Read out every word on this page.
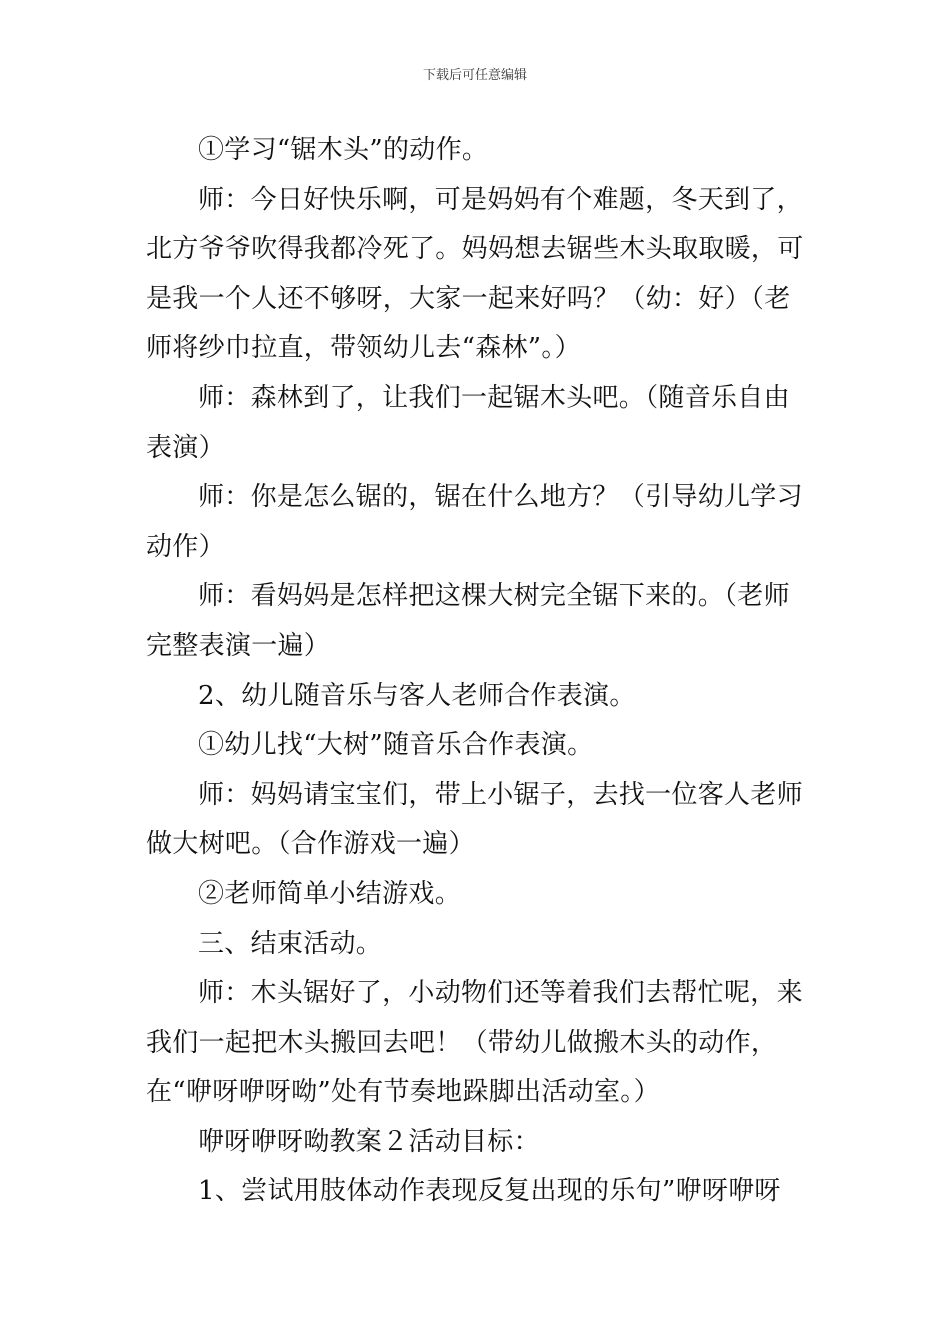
下载后可任意编辑

①学习“锯木头”的动作。

师：今日好快乐啊，可是妈妈有个难题，冬天到了，北方爷爷吹得我都冷死了。妈妈想去锯些木头取取暖，可是我一个人还不够呀，大家一起来好吗？（幼：好）（老师将纱巾拉直，带领幼儿去“森林”。）

师：森林到了，让我们一起锯木头吧。（随音乐自由表演）

师：你是怎么锯的，锯在什么地方？（引导幼儿学习动作）

师：看妈妈是怎样把这棵大树完全锯下来的。（老师完整表演一遍）

2、幼儿随音乐与客人老师合作表演。

①幼儿找“大树”随音乐合作表演。

师：妈妈请宝宝们，带上小锯子，去找一位客人老师做大树吧。（合作游戏一遍）

②老师简单小结游戏。

三、结束活动。

师：木头锯好了，小动物们还等着我们去帮忙呢，来我们一起把木头搬回去吧！（带幼儿做搬木头的动作，在“咿呀咿呀呦”处有节奏地跺脚出活动室。）

咿呀咿呀呦教案２活动目标：

1、尝试用肢体动作表现反复出现的乐句”咿呀咿呀
